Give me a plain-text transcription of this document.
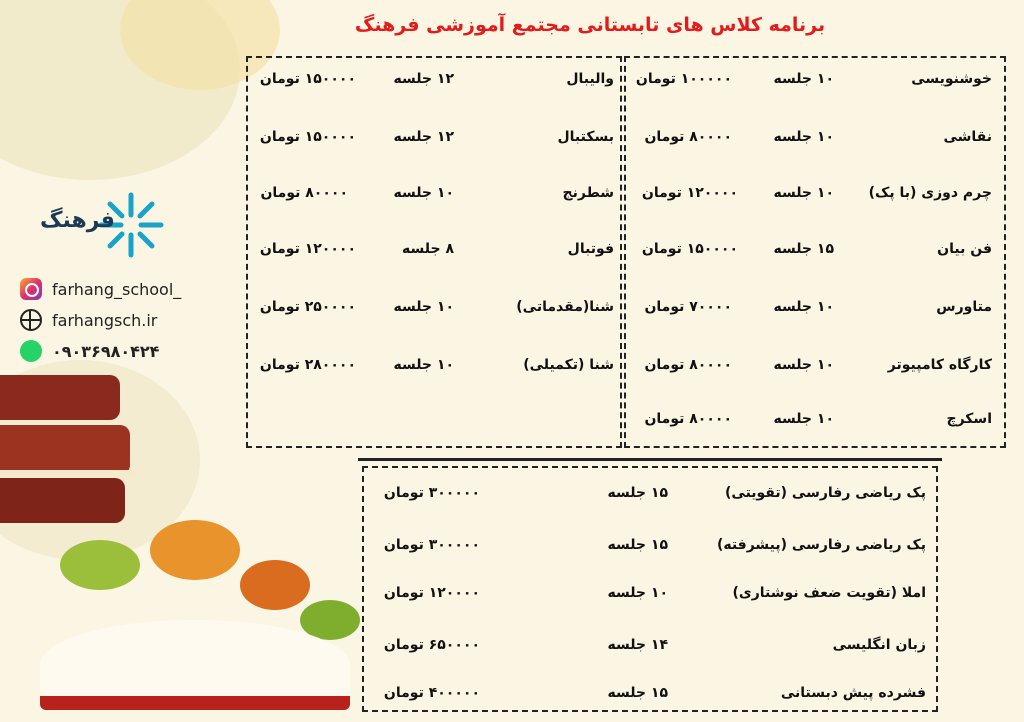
برنامه کلاس های تابستانی مجتمع آموزشی فرهنگ
فرهنگ
farhang_school_
farhangsch.ir
۰۹۰۳۶۹۸۰۴۲۴
خوشنویسی
۱۰ جلسه
۱۰۰۰۰۰ تومان
نقاشی
۱۰ جلسه
۸۰۰۰۰ تومان
چرم دوزی (با پک)
۱۰ جلسه
۱۲۰۰۰۰ تومان
فن بیان
۱۵ جلسه
۱۵۰۰۰۰ تومان
متاورس
۱۰ جلسه
۷۰۰۰۰ تومان
کارگاه کامپیوتر
۱۰ جلسه
۸۰۰۰۰ تومان
اسکرچ
۱۰ جلسه
۸۰۰۰۰ تومان
والیبال
۱۲ جلسه
۱۵۰۰۰۰ تومان
بسکتبال
۱۲ جلسه
۱۵۰۰۰۰ تومان
شطرنج
۱۰ جلسه
۸۰۰۰۰ تومان
فوتبال
۸ جلسه
۱۲۰۰۰۰ تومان
شنا(مقدماتی)
۱۰ جلسه
۲۵۰۰۰۰ تومان
شنا (تکمیلی)
۱۰ جلسه
۲۸۰۰۰۰ تومان
پک ریاضی رفارسی (تقویتی)
۱۵ جلسه
۳۰۰۰۰۰ تومان
پک ریاضی رفارسی (پیشرفته)
۱۵ جلسه
۳۰۰۰۰۰ تومان
املا (تقویت ضعف نوشتاری)
۱۰ جلسه
۱۲۰۰۰۰ تومان
زبان انگلیسی
۱۴ جلسه
۶۵۰۰۰۰ تومان
فشرده پیش دبستانی
۱۵ جلسه
۴۰۰۰۰۰ تومان
